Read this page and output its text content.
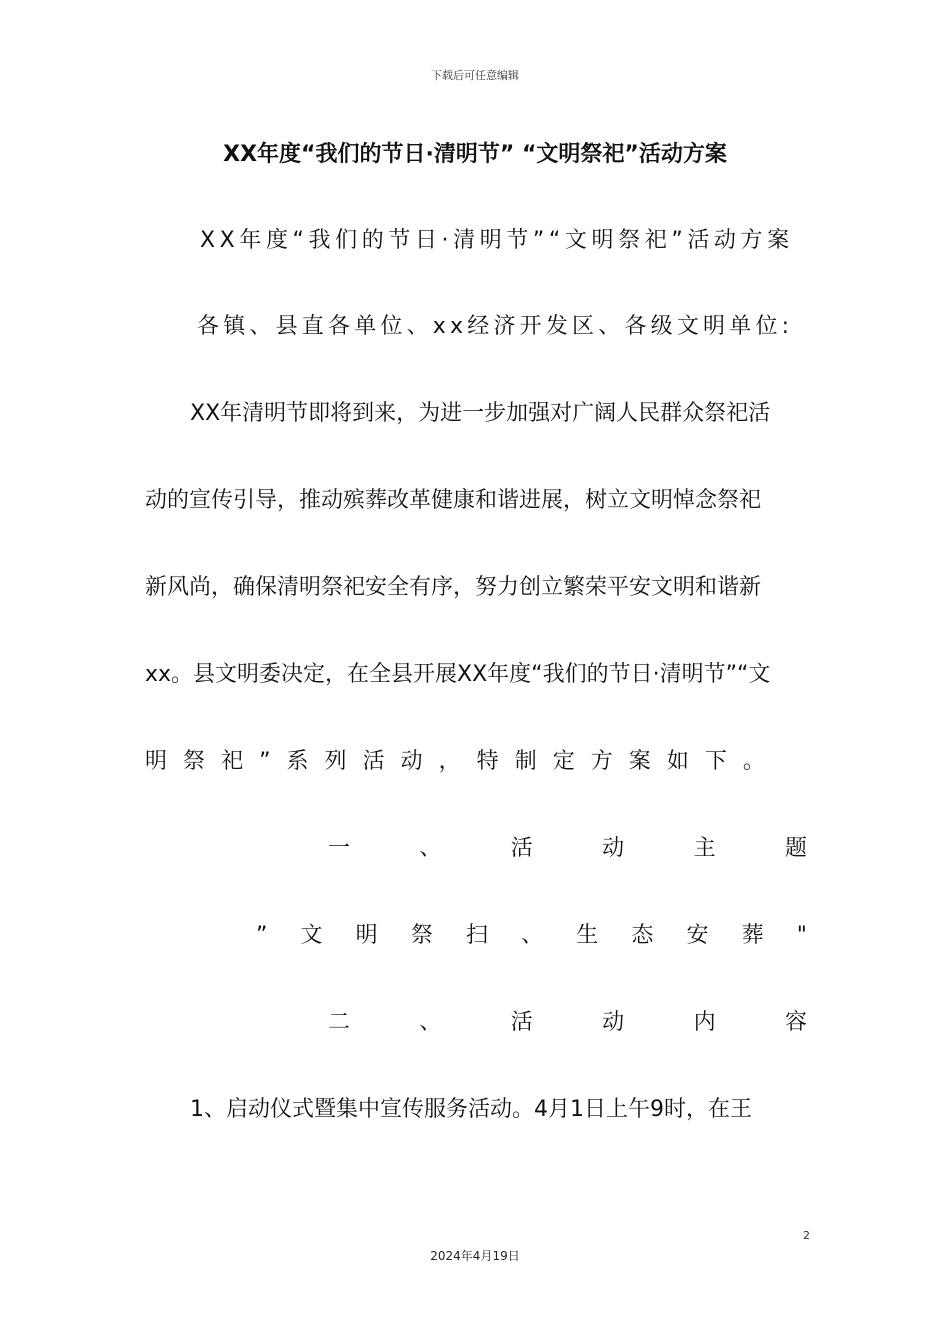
下载后可任意编辑
XX年度“我们的节日·清明节” “文明祭祀”活动方案
XX年度“我们的节日·清明节”“文明祭祀”活动方案
各镇、县直各单位、xx经济开发区、各级文明单位:
XX年清明节即将到来，为进一步加强对广阔人民群众祭祀活
动的宣传引导，推动殡葬改革健康和谐进展，树立文明悼念祭祀
新风尚，确保清明祭祀安全有序，努力创立繁荣平安文明和谐新
xx。县文明委决定，在全县开展XX年度“我们的节日·清明节”“文
明 祭 祀 ” 系 列 活 动 ， 特 制 定 方 案 如 下 。
一	、	活	动	主	题
” 文 明 祭 扫 、 生 态 安 葬 "
二	、	活	动	内	容
1、启动仪式暨集中宣传服务活动。4月1日上午9时，在王
2
2024年4月19日
